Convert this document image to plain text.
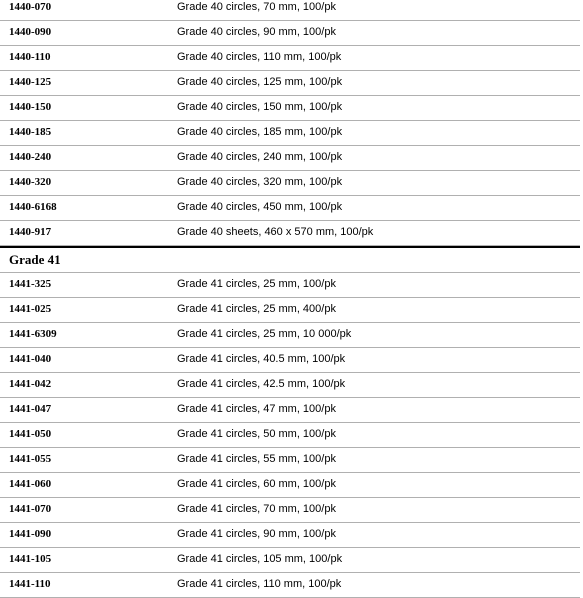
1440-070	Grade 40 circles, 70 mm, 100/pk
1440-090	Grade 40 circles, 90 mm, 100/pk
1440-110	Grade 40 circles, 110 mm, 100/pk
1440-125	Grade 40 circles, 125 mm, 100/pk
1440-150	Grade 40 circles, 150 mm, 100/pk
1440-185	Grade 40 circles, 185 mm, 100/pk
1440-240	Grade 40 circles, 240 mm, 100/pk
1440-320	Grade 40 circles, 320 mm, 100/pk
1440-6168	Grade 40 circles, 450 mm, 100/pk
1440-917	Grade 40 sheets, 460 x 570 mm, 100/pk
Grade 41
1441-325	Grade 41 circles, 25 mm, 100/pk
1441-025	Grade 41 circles, 25 mm, 400/pk
1441-6309	Grade 41 circles, 25 mm, 10 000/pk
1441-040	Grade 41 circles, 40.5 mm, 100/pk
1441-042	Grade 41 circles, 42.5 mm, 100/pk
1441-047	Grade 41 circles, 47 mm, 100/pk
1441-050	Grade 41 circles, 50 mm, 100/pk
1441-055	Grade 41 circles, 55 mm, 100/pk
1441-060	Grade 41 circles, 60 mm, 100/pk
1441-070	Grade 41 circles, 70 mm, 100/pk
1441-090	Grade 41 circles, 90 mm, 100/pk
1441-105	Grade 41 circles, 105 mm, 100/pk
1441-110	Grade 41 circles, 110 mm, 100/pk
